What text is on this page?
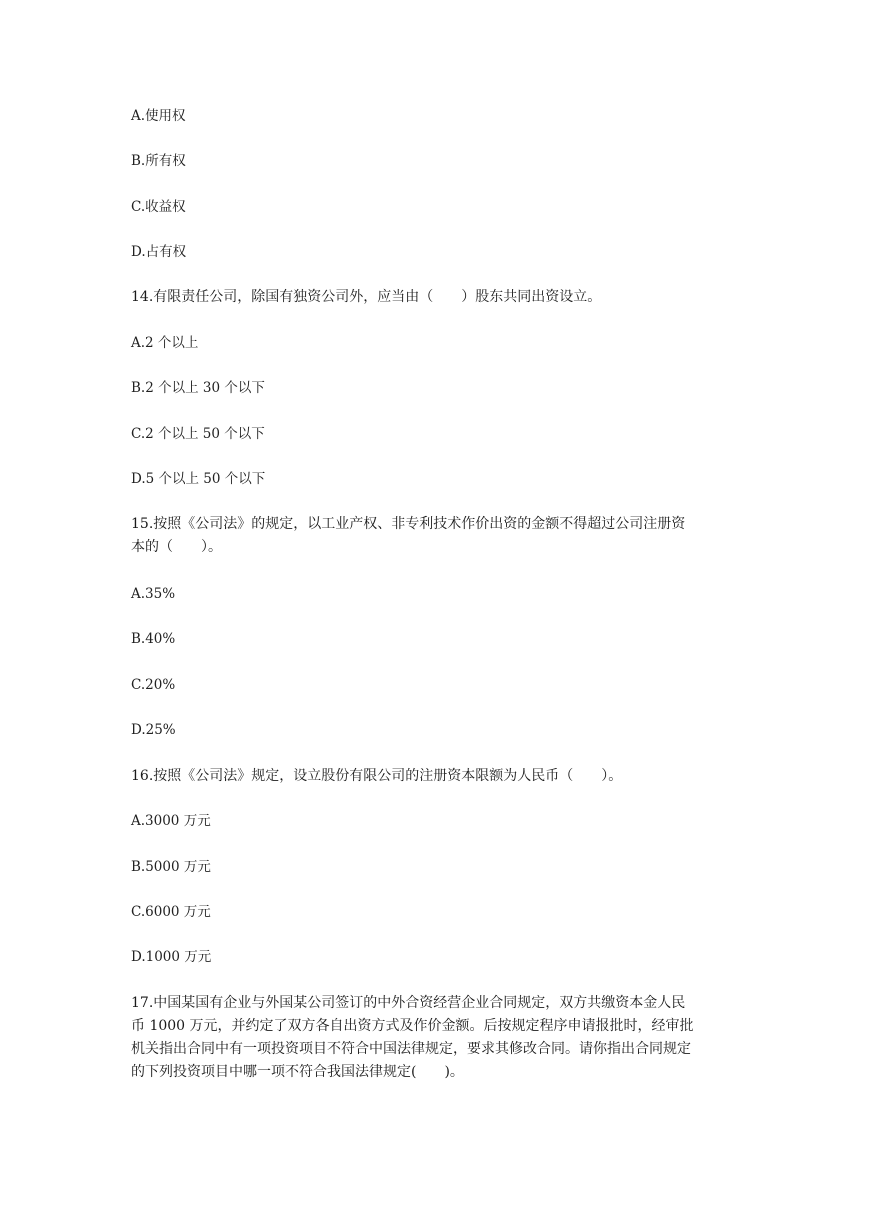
A.使用权
B.所有权
C.收益权
D.占有权
14.有限责任公司，除国有独资公司外，应当由（　　）股东共同出资设立。
A.2 个以上
B.2 个以上 30 个以下
C.2 个以上 50 个以下
D.5 个以上 50 个以下
15.按照《公司法》的规定，以工业产权、非专利技术作价出资的金额不得超过公司注册资
本的（　　）。
A.35%
B.40%
C.20%
D.25%
16.按照《公司法》规定，设立股份有限公司的注册资本限额为人民币（　　）。
A.3000 万元
B.5000 万元
C.6000 万元
D.1000 万元
17.中国某国有企业与外国某公司签订的中外合资经营企业合同规定，双方共缴资本金人民
币 1000 万元，并约定了双方各自出资方式及作价金额。后按规定程序申请报批时，经审批
机关指出合同中有一项投资项目不符合中国法律规定，要求其修改合同。请你指出合同规定
的下列投资项目中哪一项不符合我国法律规定(　　)。
